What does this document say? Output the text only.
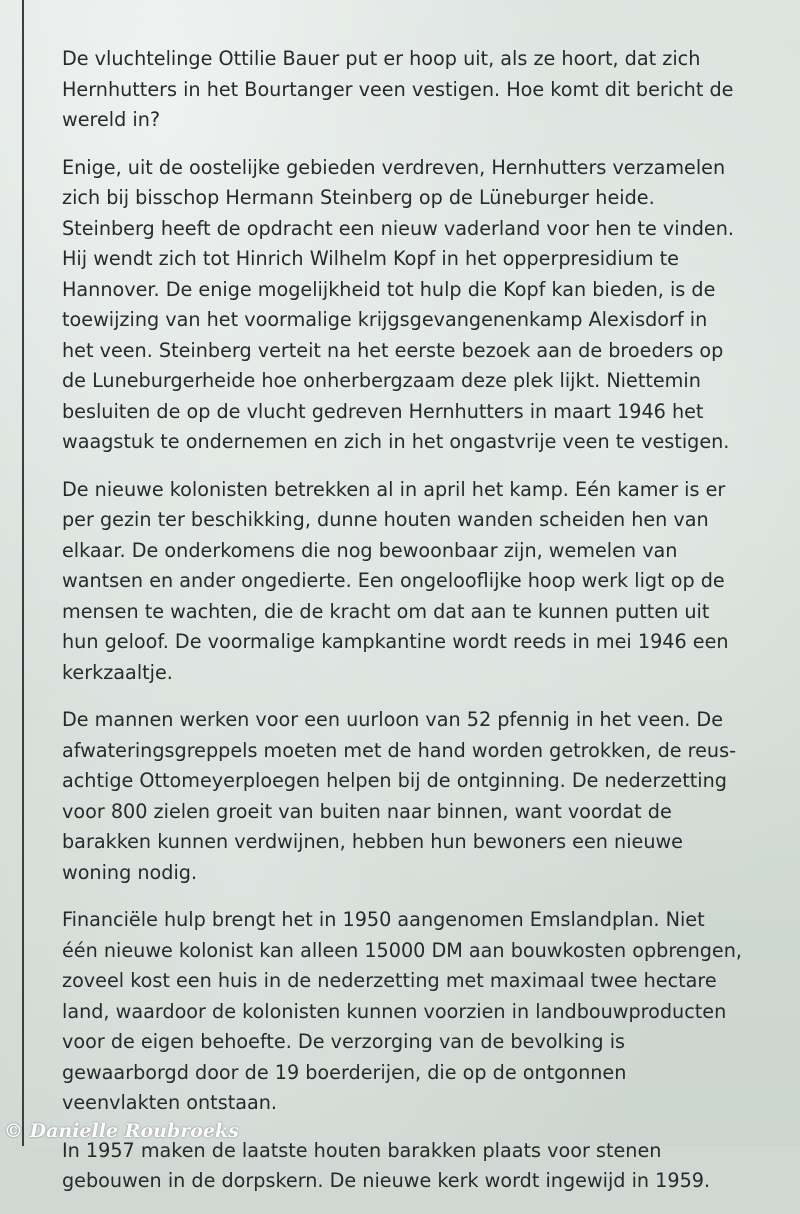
De vluchtelinge Ottilie Bauer put er hoop uit, als ze hoort, dat zich Hernhutters in het Bourtanger veen vestigen. Hoe komt dit bericht de wereld in?

Enige, uit de oostelijke gebieden verdreven, Hernhutters verzamelen zich bij bisschop Hermann Steinberg op de Lüneburger heide. Steinberg heeft de opdracht een nieuw vaderland voor hen te vinden. Hij wendt zich tot Hinrich Wilhelm Kopf in het opperpresidium te Hannover. De enige mogelijkheid tot hulp die Kopf kan bieden, is de toewijzing van het voormalige krijgsgevangenenkamp Alexisdorf in het veen. Steinberg verteit na het eerste bezoek aan de broeders op de Luneburgerheide hoe onherbergzaam deze plek lijkt. Niettemin besluiten de op de vlucht gedreven Hernhutters in maart 1946 het waagstuk te ondernemen en zich in het ongastvrije veen te vestigen.

De nieuwe kolonisten betrekken al in april het kamp. Eén kamer is er per gezin ter beschikking, dunne houten wanden scheiden hen van elkaar. De onderkomens die nog bewoonbaar zijn, wemelen van wantsen en ander ongedierte. Een ongelooflijke hoop werk ligt op de mensen te wachten, die de kracht om dat aan te kunnen putten uit hun geloof. De voormalige kampkantine wordt reeds in mei 1946 een kerkzaaltje.

De mannen werken voor een uurloon van 52 pfennig in het veen. De afwateringsgreppels moeten met de hand worden getrokken, de reus-achtige Ottomeyerploegen helpen bij de ontginning. De nederzetting voor 800 zielen groeit van buiten naar binnen, want voordat de barakken kunnen verdwijnen, hebben hun bewoners een nieuwe woning nodig.

Financiële hulp brengt het in 1950 aangenomen Emslandplan. Niet één nieuwe kolonist kan alleen 15000 DM aan bouwkosten opbrengen, zoveel kost een huis in de nederzetting met maximaal twee hectare land, waardoor de kolonisten kunnen voorzien in landbouwproducten voor de eigen behoefte. De verzorging van de bevolking is gewaarborgd door de 19 boerderijen, die op de ontgonnen veenvlakten ontstaan.

In 1957 maken de laatste houten barakken plaats voor stenen gebouwen in de dorpskern. De nieuwe kerk wordt ingewijd in 1959.

© Danielle Roubroeks
